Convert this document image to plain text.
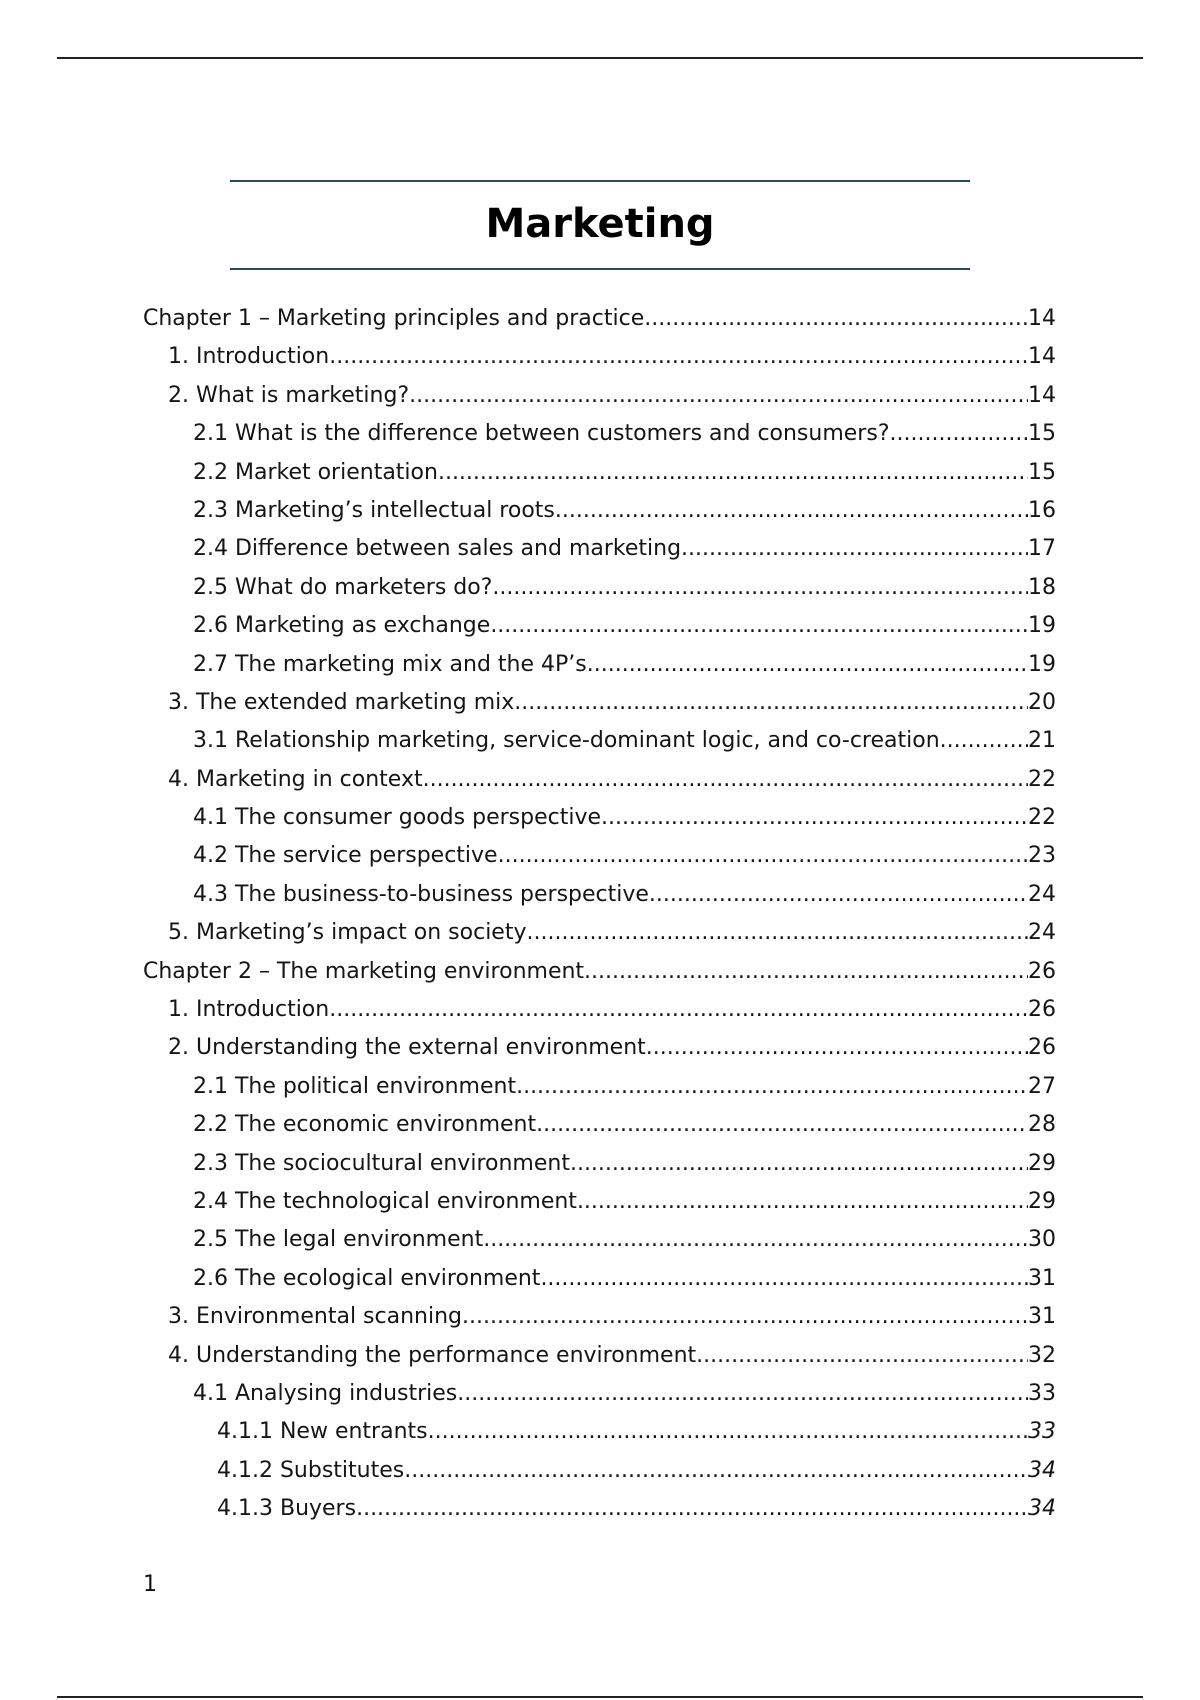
Marketing
Chapter 1 – Marketing principles and practice .....	14
1. Introduction .....	14
2. What is marketing? .....	14
2.1 What is the difference between customers and consumers? .....	15
2.2 Market orientation .....	15
2.3 Marketing’s intellectual roots .....	16
2.4 Difference between sales and marketing .....	17
2.5 What do marketers do? .....	18
2.6 Marketing as exchange .....	19
2.7 The marketing mix and the 4P’s .....	19
3. The extended marketing mix .....	20
3.1 Relationship marketing, service-dominant logic, and co-creation. .....	21
4. Marketing in context .....	22
4.1 The consumer goods perspective .....	22
4.2 The service perspective .....	23
4.3 The business-to-business perspective .....	24
5. Marketing’s impact on society .....	24
Chapter 2 – The marketing environment .....	26
1. Introduction .....	26
2. Understanding the external environment .....	26
2.1 The political environment .....	27
2.2 The economic environment .....	28
2.3 The sociocultural environment .....	29
2.4 The technological environment .....	29
2.5 The legal environment .....	30
2.6 The ecological environment .....	31
3. Environmental scanning .....	31
4. Understanding the performance environment .....	32
4.1 Analysing industries .....	33
4.1.1 New entrants .....	33
4.1.2 Substitutes .....	34
4.1.3 Buyers .....	34
1
